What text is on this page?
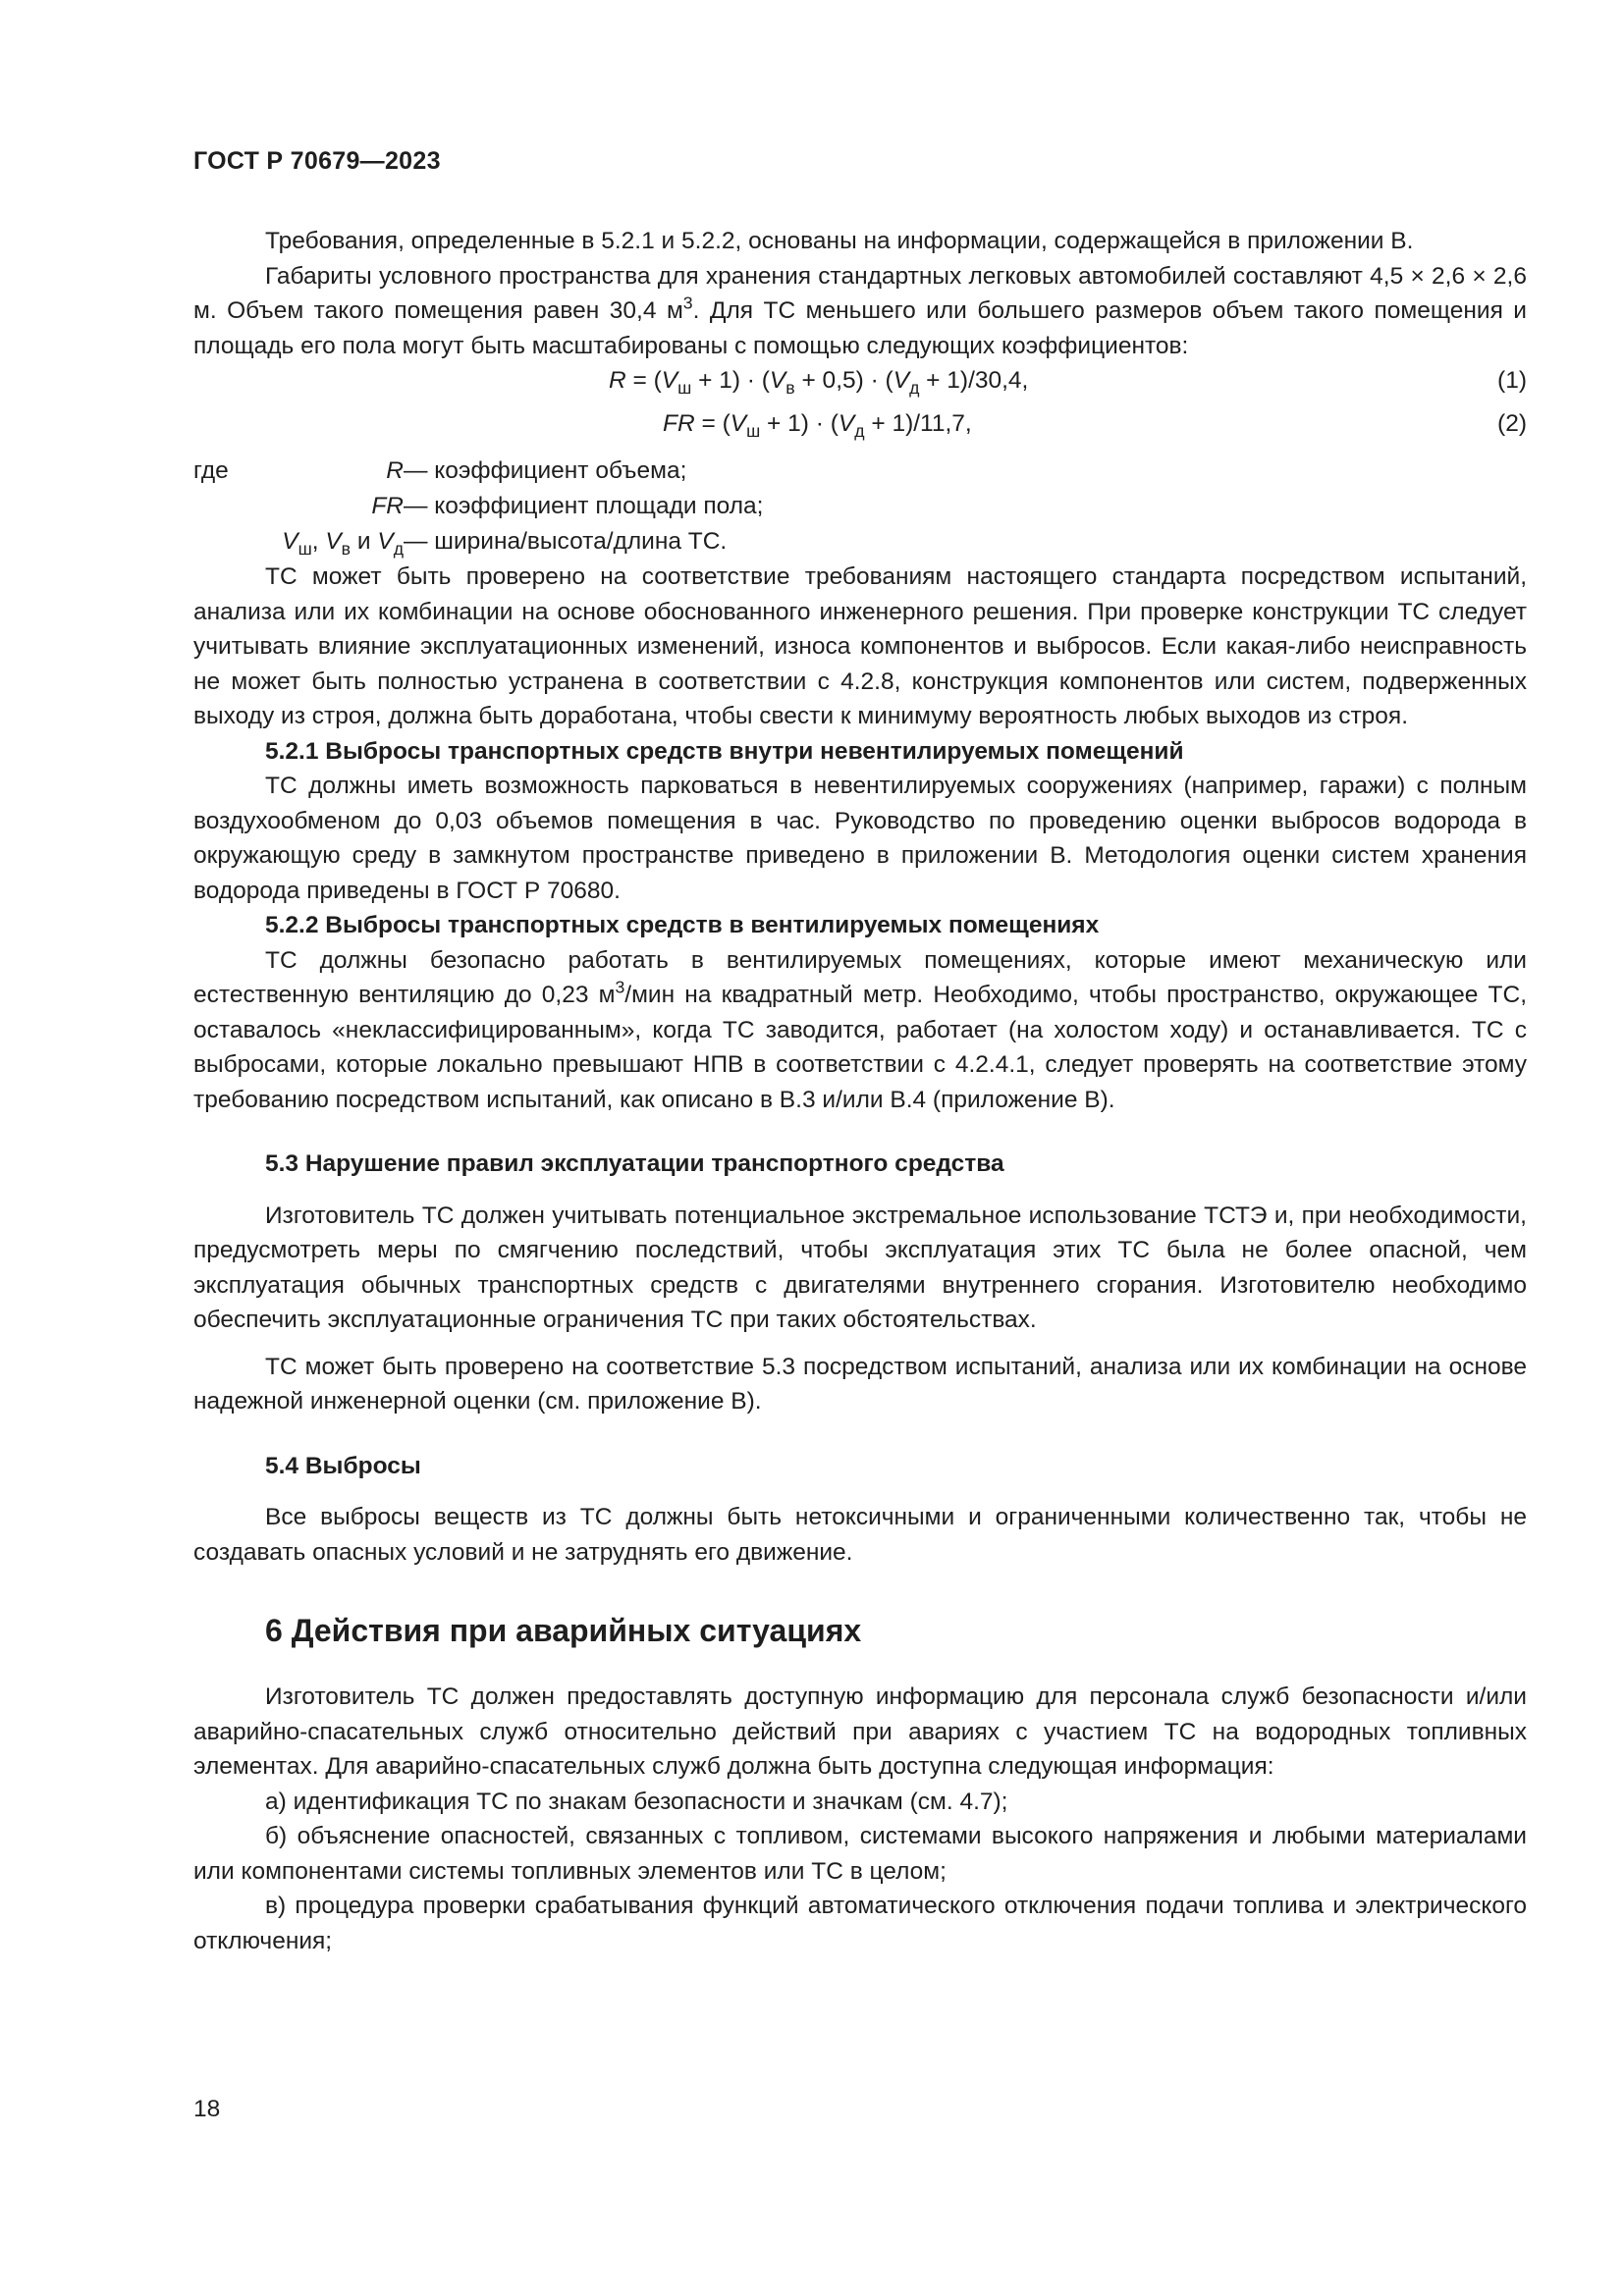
ГОСТ Р 70679—2023

Требования, определенные в 5.2.1 и 5.2.2, основаны на информации, содержащейся в приложении В.

Габариты условного пространства для хранения стандартных легковых автомобилей составляют 4,5 × 2,6 × 2,6 м. Объем такого помещения равен 30,4 $м^3$. Для ТС меньшего или большего размеров объем такого помещения и площадь его пола могут быть масштабированы с помощью следующих коэффициентов:

$R = (V_ш + 1) \cdot (V_в + 0,5) \cdot (V_д + 1)/30,4$,	(1)
FR = $(V_ш + 1) \cdot (V_д + 1)/11,7$,	(2)
где	R — коэффициент объема;
FR — коэффициент площади пола;
$V_ш$, $V_в$ и $V_д$ — ширина/высота/длина ТС.

ТС может быть проверено на соответствие требованиям настоящего стандарта посредством испытаний, анализа или их комбинации на основе обоснованного инженерного решения. При проверке конструкции ТС следует учитывать влияние эксплуатационных изменений, износа компонентов и выбросов. Если какая-либо неисправность не может быть полностью устранена в соответствии с 4.2.8, конструкция компонентов или систем, подверженных выходу из строя, должна быть доработана, чтобы свести к минимуму вероятность любых выходов из строя.

5.2.1 Выбросы транспортных средств внутри невентилируемых помещений

ТС должны иметь возможность парковаться в невентилируемых сооружениях (например, гаражи) с полным воздухообменом до 0,03 объемов помещения в час. Руководство по проведению оценки выбросов водорода в окружающую среду в замкнутом пространстве приведено в приложении В. Методология оценки систем хранения водорода приведены в ГОСТ Р 70680.

5.2.2 Выбросы транспортных средств в вентилируемых помещениях

ТС должны безопасно работать в вентилируемых помещениях, которые имеют механическую или естественную вентиляцию до 0,23 $м^3$/мин на квадратный метр. Необходимо, чтобы пространство, окружающее ТС, оставалось «неклассифицированным», когда ТС заводится, работает (на холостом ходу) и останавливается. ТС с выбросами, которые локально превышают НПВ в соответствии с 4.2.4.1, следует проверять на соответствие этому требованию посредством испытаний, как описано в В.3 и/или В.4 (приложение В).

5.3 Нарушение правил эксплуатации транспортного средства

Изготовитель ТС должен учитывать потенциальное экстремальное использование ТСТЭ и, при необходимости, предусмотреть меры по смягчению последствий, чтобы эксплуатация этих ТС была не более опасной, чем эксплуатация обычных транспортных средств с двигателями внутреннего сгорания. Изготовителю необходимо обеспечить эксплуатационные ограничения ТС при таких обстоятельствах.

ТС может быть проверено на соответствие 5.3 посредством испытаний, анализа или их комбинации на основе надежной инженерной оценки (см. приложение В).

5.4 Выбросы

Все выбросы веществ из ТС должны быть нетоксичными и ограниченными количественно так, чтобы не создавать опасных условий и не затруднять его движение.

6 Действия при аварийных ситуациях

Изготовитель ТС должен предоставлять доступную информацию для персонала служб безопасности и/или аварийно-спасательных служб относительно действий при авариях с участием ТС на водородных топливных элементах. Для аварийно-спасательных служб должна быть доступна следующая информация:

а) идентификация ТС по знакам безопасности и значкам (см. 4.7);

б) объяснение опасностей, связанных с топливом, системами высокого напряжения и любыми материалами или компонентами системы топливных элементов или ТС в целом;

в) процедура проверки срабатывания функций автоматического отключения подачи топлива и электрического отключения;

18
